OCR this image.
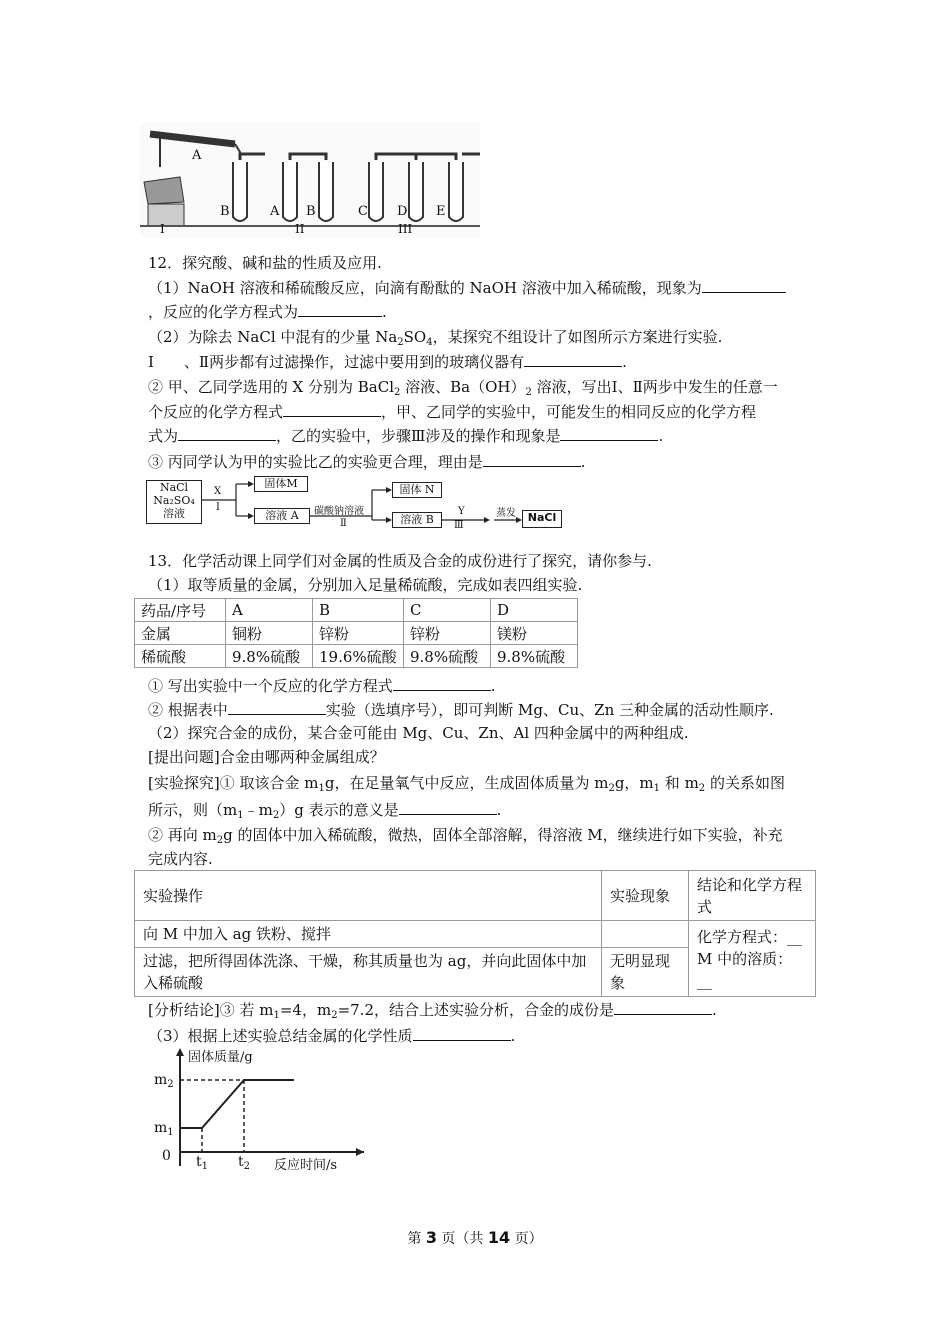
A
B	A B	C D E
I	II	III
12．探究酸、碱和盐的性质及应用.
（1）NaOH 溶液和稀硫酸反应，向滴有酚酞的 NaOH 溶液中加入稀硫酸，现象为
，反应的化学方程式为	.
（2）为除去 NaCl 中混有的少量 $Na_2SO_4$，某探究不组设计了如图所示方案进行实验.
Ⅰ　　、Ⅱ两步都有过滤操作，过滤中要用到的玻璃仪器有	.
② 甲、乙同学选用的 X 分别为 BaCl$_2$ 溶液、$Ba(OH)_2$ 溶液，写出Ⅰ、Ⅱ两步中发生的任意一
个反应的化学方程式	，甲、乙同学的实验中，可能发生的相同反应的化学方程
式为	，乙的实验中，步骤Ⅲ涉及的操作和现象是	.
③ 丙同学认为甲的实验比乙的实验更合理，理由是	.
NaCl
Na₂SO₄
溶液
X
Ⅰ
固体M
溶液 A	碳酸钠溶液
Ⅱ
固体 N
溶液 B
Y
Ⅲ
蒸发	NaCl
13．化学活动课上同学们对金属的性质及合金的成份进行了探究，请你参与.
（1）取等质量的金属，分别加入足量稀硫酸，完成如表四组实验.
药品/序号	A	B	C	D
金属	铜粉	锌粉	锌粉	镁粉
稀硫酸	9.8%硫酸	19.6%硫酸	9.8%硫酸	9.8%硫酸
① 写出实验中一个反应的化学方程式	.
② 根据表中	实验（选填序号），即可判断 Mg、Cu、Zn 三种金属的活动性顺序.
（2）探究合金的成份，某合金可能由 Mg、Cu、Zn、Al 四种金属中的两种组成.
[提出问题]合金由哪两种金属组成？
[实验探究]① 取该合金 $m_1g$，在足量氧气中反应，生成固体质量为 $m_2g$，$m_1$ 和 $m_2$ 的关系如图
所示，则$(m_1﹣m_2)g$ 表示的意义是	.
② 再向 $m_2g$ 的固体中加入稀硫酸，微热，固体全部溶解，得溶液 M，继续进行如下实验，补充
完成内容.
实验操作	实验现象	结论和化学方程式
向 M 中加入 ag 铁粉、搅拌		化学方程式：__
M 中的溶质：__

过滤，把所得固体洗涤、干燥，称其质量也为 ag，并向此固体中加入稀硫酸	无明显现象	
[分析结论]③ 若 $m_1=4$，$m_2=7.2$，结合上述实验分析，合金的成份是	.
（3）根据上述实验总结金属的化学性质	.
固体质量/g
$m_2$
$m_1$
0 $t_1$ $t_2$ 反应时间/s
第 3 页（共 14 页）
